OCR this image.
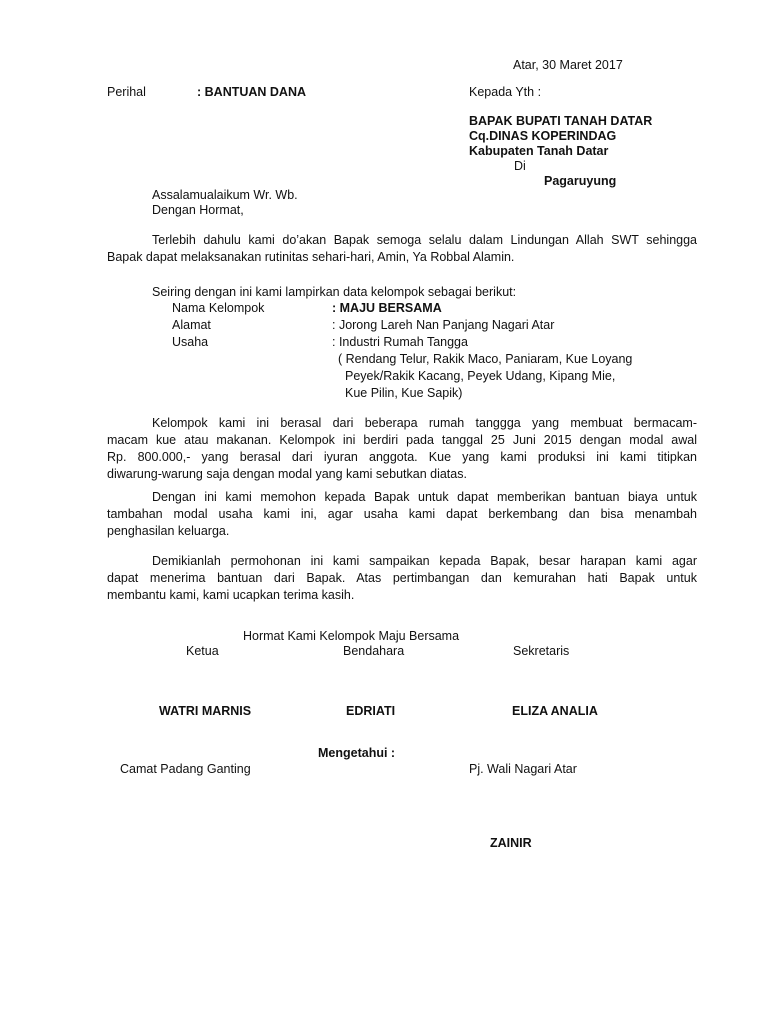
Atar, 30 Maret 2017
Perihal	: BANTUAN DANA	Kepada Yth :
BAPAK BUPATI TANAH DATAR
Cq.DINAS KOPERINDAG
Kabupaten Tanah Datar
Di
Pagaruyung
Assalamualaikum Wr. Wb.
Dengan Hormat,
Terlebih dahulu kami do’akan Bapak semoga selalu dalam Lindungan Allah SWT sehingga
Bapak dapat melaksanakan rutinitas sehari-hari, Amin, Ya Robbal Alamin.
Seiring dengan ini kami lampirkan data kelompok sebagai berikut:
Nama Kelompok	: MAJU BERSAMA
Alamat	: Jorong Lareh Nan Panjang Nagari Atar
Usaha	: Industri Rumah Tangga
( Rendang Telur, Rakik Maco, Paniaram, Kue Loyang
Peyek/Rakik Kacang, Peyek Udang, Kipang Mie,
Kue Pilin, Kue Sapik)
Kelompok kami ini berasal dari beberapa rumah tanggga yang membuat bermacam-
macam kue atau makanan. Kelompok ini berdiri pada tanggal 25 Juni 2015 dengan modal awal
Rp. 800.000,- yang berasal dari iyuran anggota. Kue yang kami produksi ini kami titipkan
diwarung-warung saja dengan modal yang kami sebutkan diatas.
Dengan ini kami memohon kepada Bapak untuk dapat memberikan bantuan biaya untuk
tambahan modal usaha kami ini, agar usaha kami dapat berkembang dan bisa menambah
penghasilan keluarga.
Demikianlah permohonan ini kami sampaikan kepada Bapak, besar harapan kami agar
dapat menerima bantuan dari Bapak. Atas pertimbangan dan kemurahan hati Bapak untuk
membantu kami, kami ucapkan terima kasih.
Hormat Kami Kelompok Maju Bersama
Ketua	Bendahara	Sekretaris
WATRI MARNIS	EDRIATI	ELIZA ANALIA
Mengetahui :
Camat Padang Ganting	Pj. Wali Nagari Atar
ZAINIR
